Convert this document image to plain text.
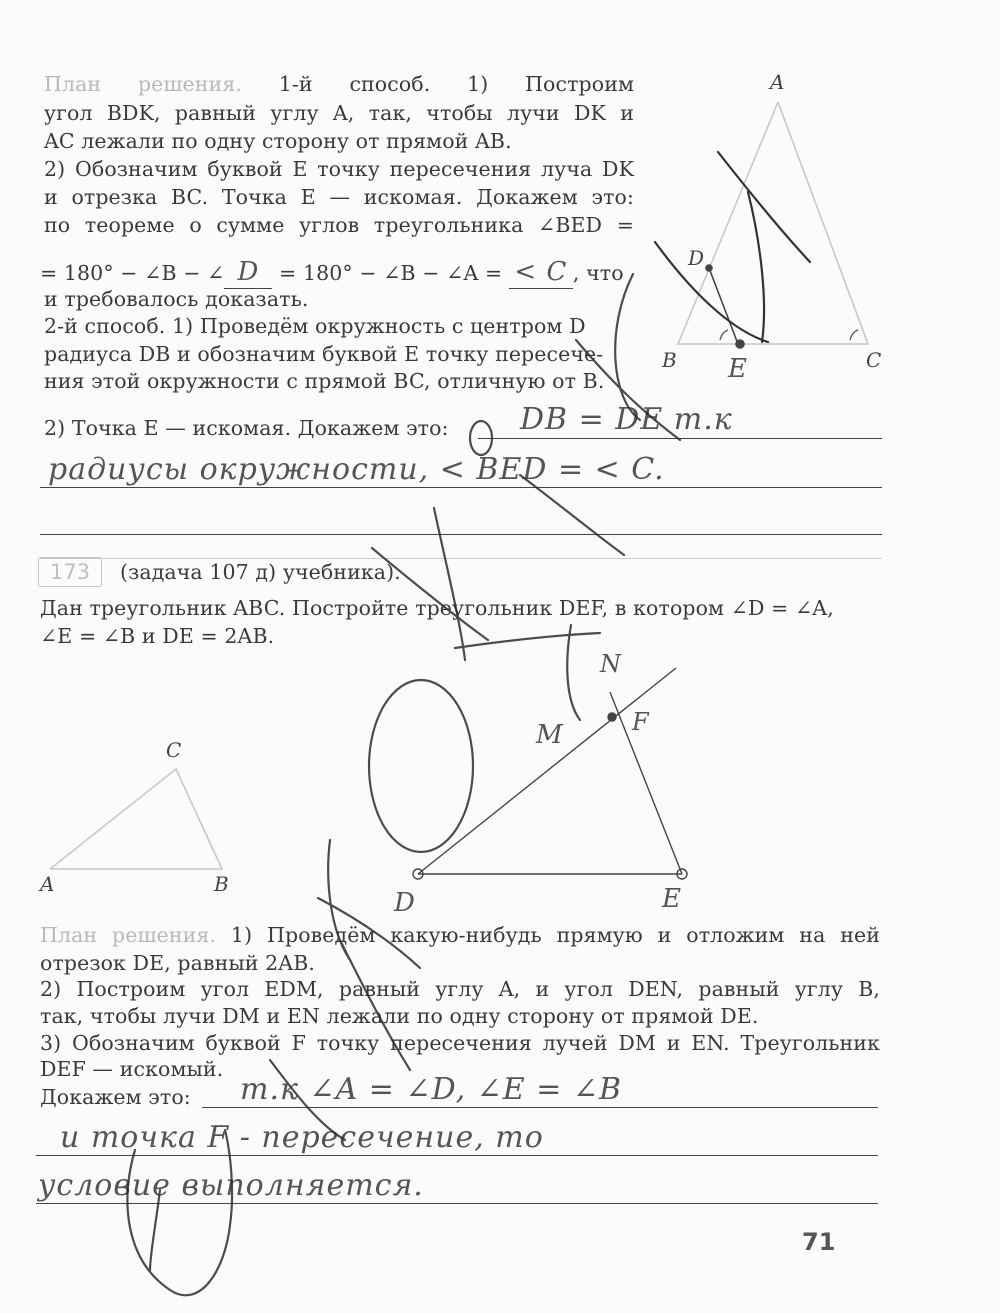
План решения. 1-й способ. 1) Построим
угол BDK, равный углу A, так, чтобы лучи DK и
AC лежали по одну сторону от прямой AB.
2) Обозначим буквой E точку пересечения луча DK
и отрезка BC. Точка E — искомая. Докажем это:
по теореме о сумме углов треугольника ∠BED =
= 180° − ∠B − ∠ D = 180° − ∠B − ∠A = < C , что
и требовалось доказать.
2-й способ. 1) Проведём окружность с центром D
радиуса DB и обозначим буквой E точку пересече-
ния этой окружности с прямой BC, отличную от B.
2) Точка E — искомая. Докажем это: DB = DE т.к
радиусы окружности, < BED = < C.
A
B	C
D
E
173	(задача 107 д) учебника).
Дан треугольник ABC. Постройте треугольник DEF, в котором ∠D = ∠A,
∠E = ∠B и DE = 2AB.
C
A	B
D	E
F
M
N
План решения. 1) Проведём какую-нибудь прямую и отложим на ней
отрезок DE, равный 2AB.
2) Построим угол EDM, равный углу A, и угол DEN, равный углу B,
так, чтобы лучи DM и EN лежали по одну сторону от прямой DE.
3) Обозначим буквой F точку пересечения лучей DM и EN. Треугольник
DEF — искомый.
Докажем это: т.к ∠A = ∠D, ∠E = ∠B
и точка F - пересечение, то
условие выполняется.
71
